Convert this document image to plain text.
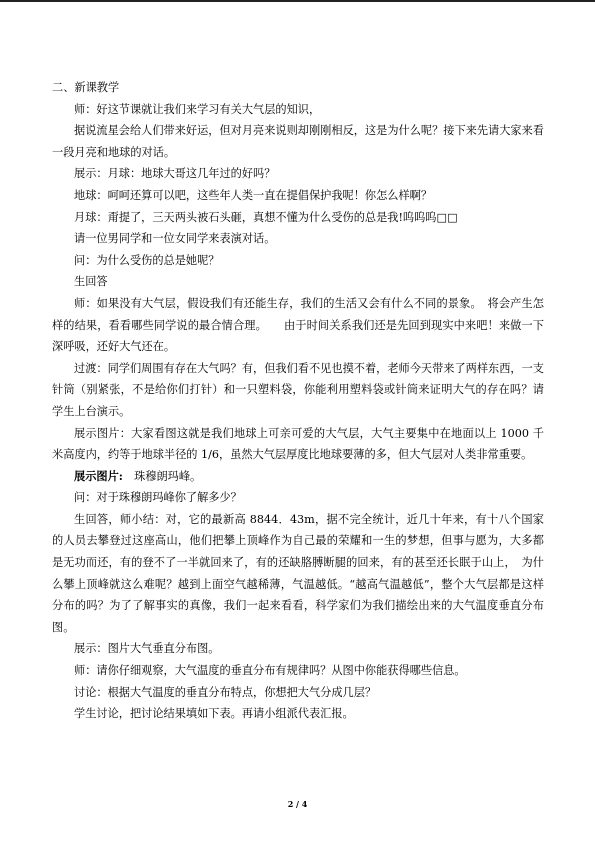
二、新课教学

师：好这节课就让我们来学习有关大气层的知识，

据说流星会给人们带来好运，但对月亮来说则却刚刚相反，这是为什么呢？接下来先请大家来看一段月亮和地球的对话。

展示：月球：地球大哥这几年过的好吗？

地球：呵呵还算可以吧，这些年人类一直在提倡保护我呢！你怎么样啊？

月球：甭提了，三天两头被石头砸，真想不懂为什么受伤的总是我!呜呜呜□□

请一位男同学和一位女同学来表演对话。

问：为什么受伤的总是她呢？

生回答

师：如果没有大气层，假设我们有还能生存，我们的生活又会有什么不同的景象。　将会产生怎样的结果，看看哪些同学说的最合情合理。　　由于时间关系我们还是先回到现实中来吧！来做一下深呼吸，还好大气还在。

过渡：同学们周围有存在大气吗？有，但我们看不见也摸不着，老师今天带来了两样东西，一支针筒（别紧张，不是给你们打针）和一只塑料袋，你能利用塑料袋或针筒来证明大气的存在吗？请学生上台演示。

展示图片：大家看图这就是我们地球上可亲可爱的大气层，大气主要集中在地面以上 1000 千米高度内，约等于地球半径的 1/6，虽然大气层厚度比地球要薄的多，但大气层对人类非常重要。

展示图片:　珠穆朗玛峰。

问：对于珠穆朗玛峰你了解多少？

生回答，师小结：对，它的最新高 8844．43m，据不完全统计，近几十年来，有十八个国家的人员去攀登过这座高山，他们把攀上顶峰作为自己最的荣耀和一生的梦想，但事与愿为，大多都是无功而还，有的登不了一半就回来了，有的还缺胳膊断腿的回来，有的甚至还长眠于山上，　为什么攀上顶峰就这么难呢？越到上面空气越稀薄，气温越低。“越高气温越低”，整个大气层都是这样分布的吗？为了了解事实的真像，我们一起来看看，科学家们为我们描绘出来的大气温度垂直分布图。

展示：图片大气垂直分布图。

师：请你仔细观察，大气温度的垂直分布有规律吗？从图中你能获得哪些信息。

讨论：根据大气温度的垂直分布特点，你想把大气分成几层？

学生讨论，把讨论结果填如下表。再请小组派代表汇报。

2 / 4
